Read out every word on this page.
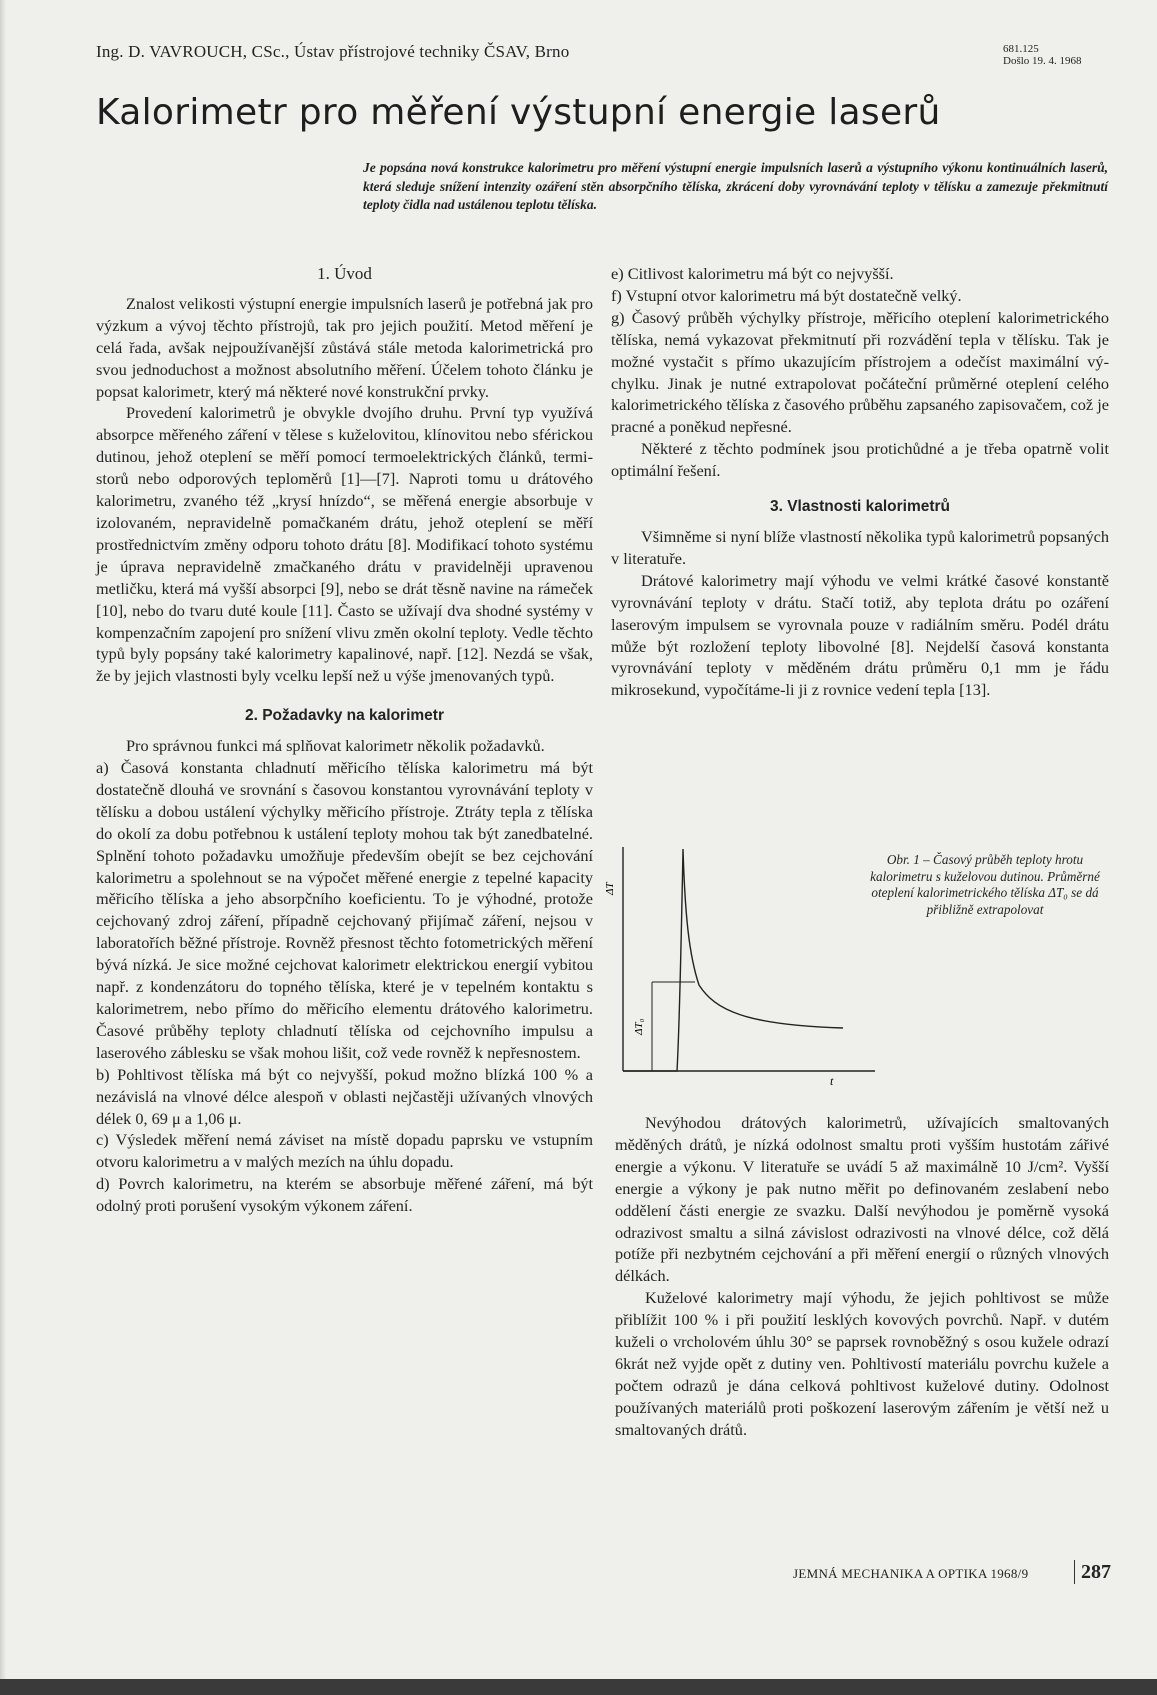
Ing. D. VAVROUCH, CSc., Ústav přístrojové techniky ČSAV, Brno	681.125
Došlo 19. 4. 1968
Kalorimetr pro měření výstupní energie laserů
Je popsána nová konstrukce kalorimetru pro měření výstupní energie impulsních laserů a výstupního výkonu kontinuálních laserů, která sleduje snížení intenzity ozáření stěn absorpčního tělíska, zkrácení doby vyrovnávání teploty v tělísku a zamezuje překmitnutí teploty čidla nad ustálenou teplotu tělíska.
1. Úvod

Znalost velikosti výstupní energie impulsních laserů je potřebná jak pro výzkum a vývoj těchto přístrojů, tak pro jejich použití. Metod měření je celá řada, avšak nejpoužívanější zůstává stále metoda kalorimetrická pro svou jednoduchost a možnost absolutního měření. Účelem tohoto článku je popsat kalorimetr, který má některé nové konstrukční prvky.

Provedení kalorimetrů je obvykle dvojího druhu. První typ využívá absorpce měřeného záření v tělese s kuželovitou, klínovitou nebo sférickou dutinou, jehož oteplení se měří pomocí termoelektrických článků, termistorů nebo odporových teploměrů [1]—[7]. Naproti tomu u drátového kalorimetru, zvaného též „krysí hnízdo“, se měřená energie absorbuje v izolovaném, nepravidelně pomačkaném drátu, jehož oteplení se měří prostřednictvím změny odporu tohoto drátu [8]. Modifikací tohoto systému je úprava nepravidelně zmačkaného drátu v pravidelněji upravenou metličku, která má vyšší absorpci [9], nebo se drát těsně navine na rámeček [10], nebo do tvaru duté koule [11]. Často se užívají dva shodné systémy v kompenzačním zapojení pro snížení vlivu změn okolní teploty. Vedle těchto typů byly popsány také kalorimetry kapalinové, např. [12]. Nezdá se však, že by jejich vlastnosti byly vcelku lepší než u výše jmenovaných typů.

2. Požadavky na kalorimetr

Pro správnou funkci má splňovat kalorimetr několik požadavků.

a) Časová konstanta chladnutí měřicího tělíska kalorimetru má být dostatečně dlouhá ve srovnání s časovou konstantou vyrovnávání teploty v tělísku a dobou ustálení výchylky měřicího přístroje. Ztráty tepla z tělíska do okolí za dobu potřebnou k ustálení teploty mohou tak být zanedbatelné. Splnění tohoto požadavku umožňuje především obejít se bez cejchování kalorimetru a spolehnout se na výpočet měřené energie z tepelné kapacity měřicího tělíska a jeho absorpčního koeficientu. To je výhodné, protože cejchovaný zdroj záření, případně cejchovaný přijímač záření, nejsou v laboratořích běžné přístroje. Rovněž přesnost těchto fotometrických měření bývá nízká. Je sice možné cejchovat kalorimetr elektrickou energií vybitou např. z kondenzátoru do topného tělíska, které je v tepelném kontaktu s kalorimetrem, nebo přímo do měřicího elementu drátového kalorimetru. Časové průběhy teploty chladnutí tělíska od cejchovního impulsu a laserového záblesku se však mohou lišit, což vede rovněž k nepřesnostem.

b) Pohltivost tělíska má být co nejvyšší, pokud možno blízká 100 % a nezávislá na vlnové délce alespoň v oblasti nejčastěji užívaných vlnových délek 0, 69 μ a 1,06 μ.

c) Výsledek měření nemá záviset na místě dopadu paprsku ve vstupním otvoru kalorimetru a v malých mezích na úhlu dopadu.

d) Povrch kalorimetru, na kterém se absorbuje měřené záření, má být odolný proti porušení vysokým výkonem záření.

e) Citlivost kalorimetru má být co nejvyšší.

f) Vstupní otvor kalorimetru má být dostatečně velký.

g) Časový průběh výchylky přístroje, měřicího oteplení kalorimetrického tělíska, nemá vykazovat překmitnutí při rozvádění tepla v tělísku. Tak je možné vystačit s přímo ukazujícím přístrojem a odečíst maximální výchylku. Jinak je nutné extrapolovat počáteční průměrné oteplení celého kalorimetrického tělíska z časového průběhu zapsaného zapisovačem, což je pracné a poněkud nepřesné.

Některé z těchto podmínek jsou protichůdné a je třeba opatrně volit optimální řešení.

3. Vlastnosti kalorimetrů

Všimněme si nyní blíže vlastností několika typů kalorimetrů popsaných v literatuře.

Drátové kalorimetry mají výhodu ve velmi krátké časové konstantě vyrovnávání teploty v drátu. Stačí totiž, aby teplota drátu po ozáření laserovým impulsem se vyrovnala pouze v radiálním směru. Podél drátu může být rozložení teploty libovolné [8]. Nejdelší časová konstanta vyrovnávání teploty v měděném drátu průměru 0,1 mm je řádu mikrosekund, vypočítáme-li ji z rovnice vedení tepla [13].

ΔT
ΔT₀
t
Obr. 1 – Časový průběh teploty hrotu kalorimetru s kuželovou dutinou. Průměrné oteplení kalorimetrického tělíska ΔT₀ se dá přibližně extrapolovat

Nevýhodou drátových kalorimetrů, užívajících smaltovaných měděných drátů, je nízká odolnost smaltu proti vyšším hustotám zářivé energie a výkonu. V literatuře se uvádí 5 až maximálně 10 J/cm². Vyšší energie a výkony je pak nutno měřit po definovaném zeslabení nebo oddělení části energie ze svazku. Další nevýhodou je poměrně vysoká odrazivost smaltu a silná závislost odrazivosti na vlnové délce, což dělá potíže při nezbytném cejchování a při měření energií o různých vlnových délkách.

Kuželové kalorimetry mají výhodu, že jejich pohltivost se může přiblížit 100 % i při použití lesklých kovových povrchů. Např. v dutém kuželi o vrcholovém úhlu 30° se paprsek rovnoběžný s osou kužele odrazí 6krát než vyjde opět z dutiny ven. Pohltivostí materiálu povrchu kužele a počtem odrazů je dána celková pohltivost kuželové dutiny. Odolnost používaných materiálů proti poškození laserovým zářením je větší než u smaltovaných drátů.

JEMNÁ MECHANIKA A OPTIKA 1968/9	287
